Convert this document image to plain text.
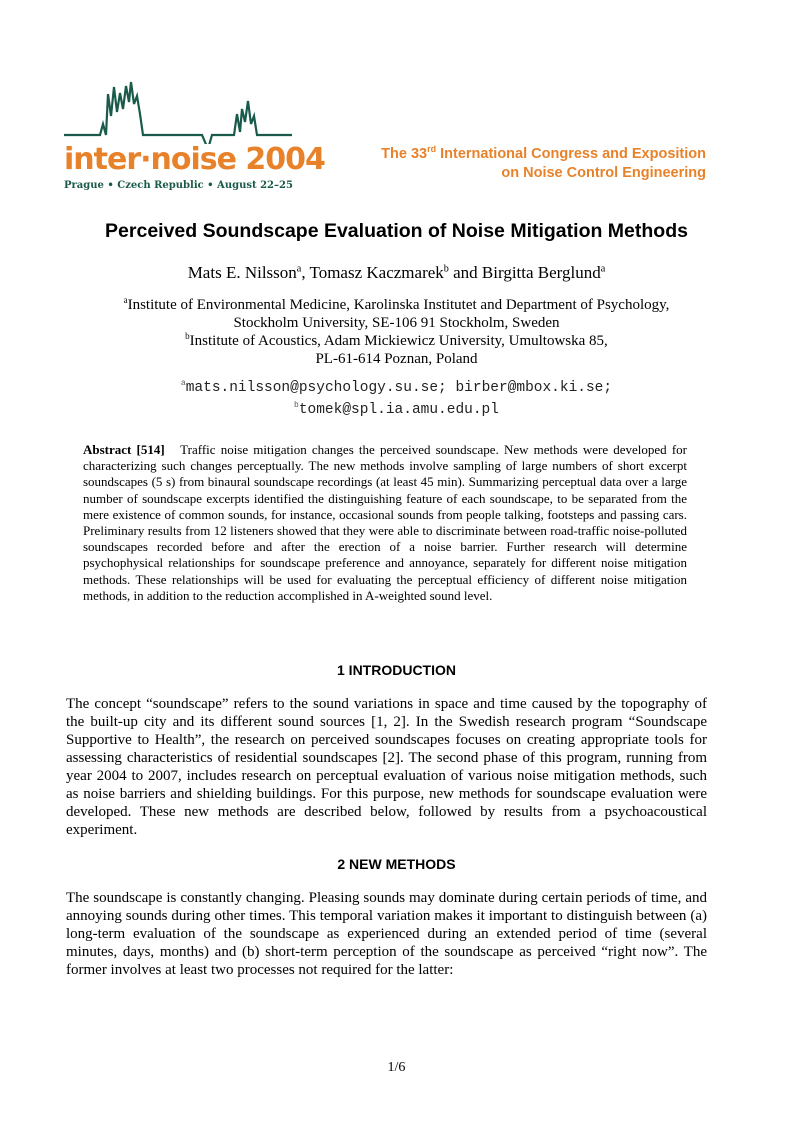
inter·noise 2004
Prague • Czech Republic • August 22–25
The 33rd International Congress and Exposition
on Noise Control Engineering
Perceived Soundscape Evaluation of Noise Mitigation Methods
Mats E. Nilsson$^a$, Tomasz Kaczmarek$^b$ and Birgitta Berglund$^a$
$^a$Institute of Environmental Medicine, Karolinska Institutet and Department of Psychology,
Stockholm University, SE-106 91 Stockholm, Sweden
$^b$Institute of Acoustics, Adam Mickiewicz University, Umultowska 85,
PL-61-614 Poznan, Poland
$^a$mats.nilsson@psychology.su.se; birber@mbox.ki.se;
$^b$tomek@spl.ia.amu.edu.pl
Abstract [514] Traffic noise mitigation changes the perceived soundscape. New methods were developed for characterizing such changes perceptually. The new methods involve sampling of large numbers of short excerpt soundscapes (5 s) from binaural soundscape recordings (at least 45 min). Summarizing perceptual data over a large number of soundscape excerpts identified the distinguishing feature of each soundscape, to be separated from the mere existence of common sounds, for instance, occasional sounds from people talking, footsteps and passing cars. Preliminary results from 12 listeners showed that they were able to discriminate between road-traffic noise-polluted soundscapes recorded before and after the erection of a noise barrier. Further research will determine psychophysical relationships for soundscape preference and annoyance, separately for different noise mitigation methods. These relationships will be used for evaluating the perceptual efficiency of different noise mitigation methods, in addition to the reduction accomplished in A-weighted sound level.
1 INTRODUCTION
The concept “soundscape” refers to the sound variations in space and time caused by the topography of the built-up city and its different sound sources [1, 2]. In the Swedish research program “Soundscape Supportive to Health”, the research on perceived soundscapes focuses on creating appropriate tools for assessing characteristics of residential soundscapes [2]. The second phase of this program, running from year 2004 to 2007, includes research on perceptual evaluation of various noise mitigation methods, such as noise barriers and shielding buildings. For this purpose, new methods for soundscape evaluation were developed. These new methods are described below, followed by results from a psychoacoustical experiment.
2 NEW METHODS
The soundscape is constantly changing. Pleasing sounds may dominate during certain periods of time, and annoying sounds during other times. This temporal variation makes it important to distinguish between (a) long-term evaluation of the soundscape as experienced during an extended period of time (several minutes, days, months) and (b) short-term perception of the soundscape as perceived “right now”. The former involves at least two processes not required for the latter:
1/6
